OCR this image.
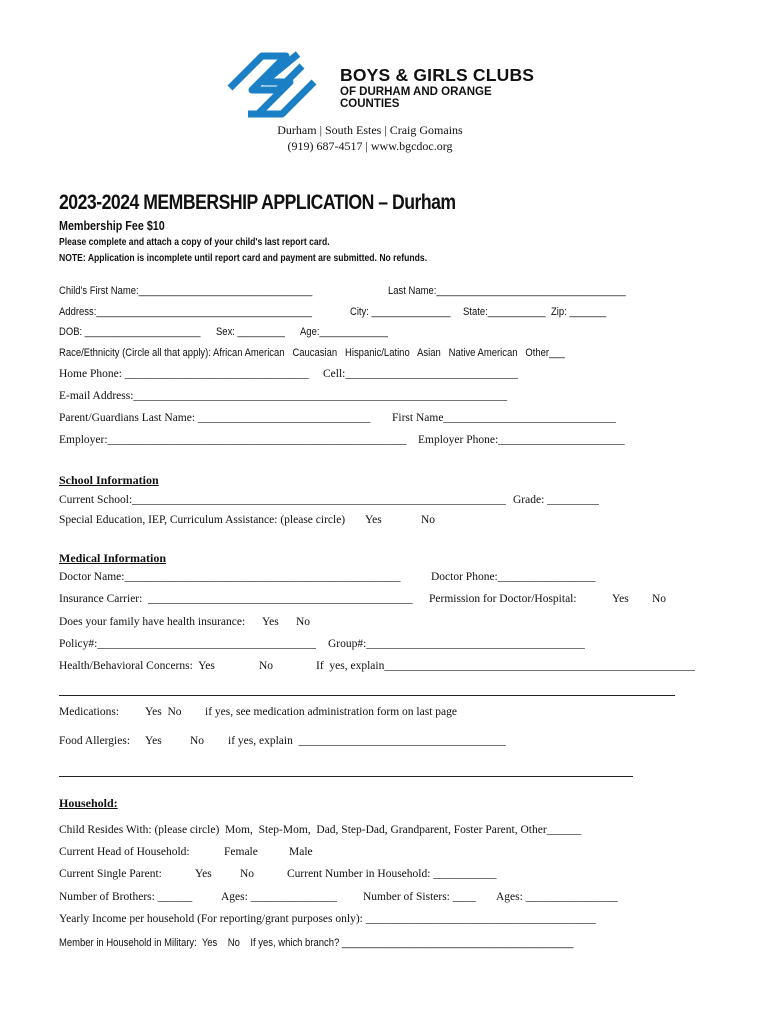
BOYS & GIRLS CLUBS
OF DURHAM AND ORANGE
COUNTIES
Durham | South Estes | Craig Gomains
(919) 687-4517 | www.bgcdoc.org
2023-2024 MEMBERSHIP APPLICATION – Durham
Membership Fee $10
Please complete and attach a copy of your child's last report card.
NOTE: Application is incomplete until report card and payment are submitted. No refunds.
Child's First Name:_________________________________	Last Name:____________________________________
Address:_________________________________________	City: _______________ State:___________ Zip: _______
DOB: ______________________ Sex: _________ Age:_____________
Race/Ethnicity (Circle all that apply): African American   Caucasian   Hispanic/Latino   Asian   Native American   Other___
Home Phone: ________________________________ Cell:______________________________
E-mail Address:_________________________________________________________________
Parent/Guardians Last Name: ______________________________ First Name______________________________
Employer:____________________________________________________ Employer Phone:______________________
School Information
Current School:_________________________________________________________________ Grade: _________
Special Education, IEP, Curriculum Assistance: (please circle) Yes	No
Medical Information
Doctor Name:________________________________________________	Doctor Phone:_________________
Insurance Carrier:  ______________________________________________ Permission for Doctor/Hospital:	Yes No
Does your family have health insurance: Yes No
Policy#:______________________________________ Group#:______________________________________
Health/Behavioral Concerns:  Yes	No	If  yes, explain______________________________________________________
Medications: Yes  No if yes, see medication administration form on last page
Food Allergies: Yes No if yes, explain  ____________________________________
Household:
Child Resides With: (please circle)  Mom,  Step-Mom,  Dad, Step-Dad, Grandparent, Foster Parent, Other______
Current Head of Household:	Female	Male
Current Single Parent:	Yes No	Current Number in Household: ___________
Number of Brothers: ______	Ages: _______________ Number of Sisters: ____ Ages: ________________
Yearly Income per household (For reporting/grant purposes only): ________________________________________
Member in Household in Military:  Yes    No    If yes, which branch? ____________________________________________
